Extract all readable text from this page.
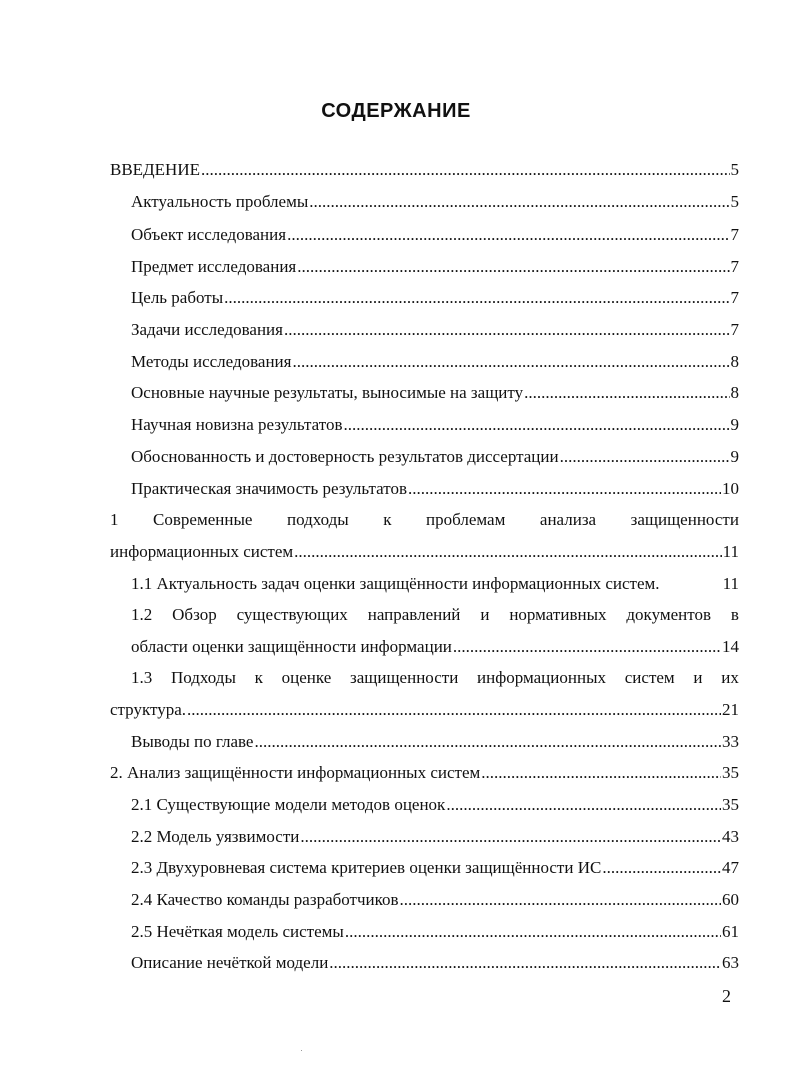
СОДЕРЖАНИЕ
ВВЕДЕНИЕ .....	5
Актуальность проблемы .....	5
Объект исследования .....	7
Предмет исследования .....	7
Цель работы .....	7
Задачи исследования .....	7
Методы исследования .....	8
Основные научные результаты, выносимые на защиту .....	8
Научная новизна результатов .....	9
Обоснованность и достоверность результатов диссертации .....	9
Практическая значимость результатов .....	10
1 Современные подходы к проблемам анализа защищенности
информационных систем .....	11
1.1 Актуальность задач оценки защищённости информационных систем.	11
1.2 Обзор существующих направлений и нормативных документов в
области оценки защищённости информации .....	14
1.3 Подходы к оценке защищенности информационных систем и их
структура. .....	21
Выводы по главе .....	33
2. Анализ защищённости информационных систем .....	35
2.1 Существующие модели методов оценок .....	35
2.2 Модель уязвимости .....	43
2.3 Двухуровневая система критериев оценки защищённости ИС .....	47
2.4 Качество команды разработчиков .....	60
2.5 Нечёткая модель системы .....	61
Описание нечёткой модели .....	63
2
